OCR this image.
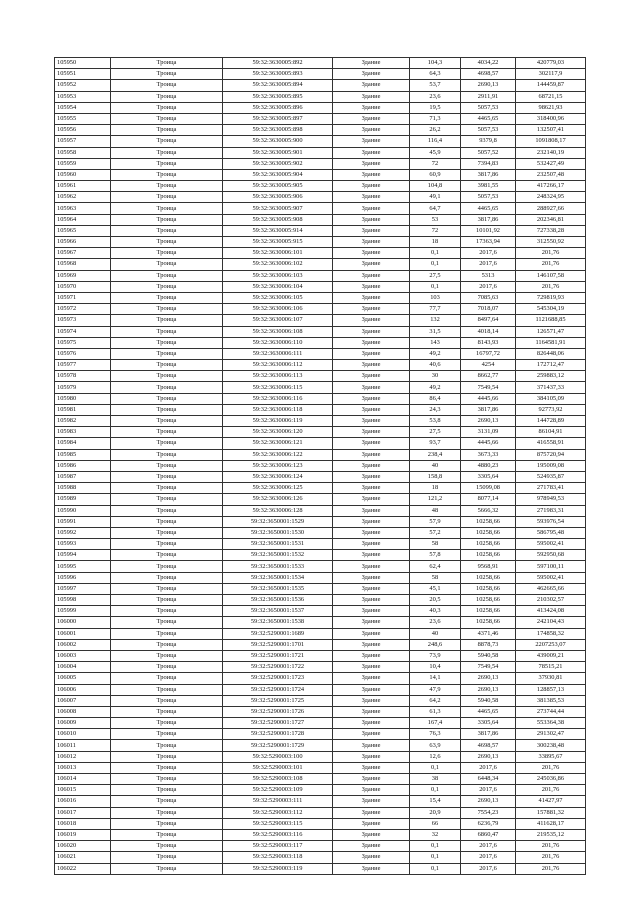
105950	Троица	59:32:3630005:892	Здание	104,3	4034,22	420779,03
105951	Троица	59:32:3630005:893	Здание	64,3	4698,57	302117,9
105952	Троица	59:32:3630005:894	Здание	53,7	2690,13	144459,87
105953	Троица	59:32:3630005:895	Здание	23,6	2911,91	68721,15
105954	Троица	59:32:3630005:896	Здание	19,5	5057,53	98621,93
105955	Троица	59:32:3630005:897	Здание	71,3	4465,65	318400,96
105956	Троица	59:32:3630005:898	Здание	26,2	5057,53	132507,41
105957	Троица	59:32:3630005:900	Здание	116,4	9379,8	1091808,17
105958	Троица	59:32:3630005:901	Здание	45,9	5057,52	232140,19
105959	Троица	59:32:3630005:902	Здание	72	7394,83	532427,49
105960	Троица	59:32:3630005:904	Здание	60,9	3817,86	232507,48
105961	Троица	59:32:3630005:905	Здание	104,8	3981,55	417266,17
105962	Троица	59:32:3630005:906	Здание	49,1	5057,53	248324,95
105963	Троица	59:32:3630005:907	Здание	64,7	4465,65	288927,66
105964	Троица	59:32:3630005:908	Здание	53	3817,86	202346,81
105965	Троица	59:32:3630005:914	Здание	72	10101,92	727338,28
105966	Троица	59:32:3630005:915	Здание	18	17363,94	312550,92
105967	Троица	59:32:3630006:101	Здание	0,1	2017,6	201,76
105968	Троица	59:32:3630006:102	Здание	0,1	2017,6	201,76
105969	Троица	59:32:3630006:103	Здание	27,5	5313	146107,58
105970	Троица	59:32:3630006:104	Здание	0,1	2017,6	201,76
105971	Троица	59:32:3630006:105	Здание	103	7085,63	729819,93
105972	Троица	59:32:3630006:106	Здание	77,7	7018,07	545304,19
105973	Троица	59:32:3630006:107	Здание	132	8497,64	1121688,85
105974	Троица	59:32:3630006:108	Здание	31,5	4018,14	126571,47
105975	Троица	59:32:3630006:110	Здание	143	8143,93	1164581,91
105976	Троица	59:32:3630006:111	Здание	49,2	16797,72	826448,06
105977	Троица	59:32:3630006:112	Здание	40,6	4254	172712,47
105978	Троица	59:32:3630006:113	Здание	30	8662,77	259883,12
105979	Троица	59:32:3630006:115	Здание	49,2	7549,54	371437,33
105980	Троица	59:32:3630006:116	Здание	86,4	4445,66	384105,09
105981	Троица	59:32:3630006:118	Здание	24,3	3817,86	92773,92
105982	Троица	59:32:3630006:119	Здание	53,8	2690,13	144728,89
105983	Троица	59:32:3630006:120	Здание	27,5	3131,09	86104,91
105984	Троица	59:32:3630006:121	Здание	93,7	4445,66	416558,91
105985	Троица	59:32:3630006:122	Здание	238,4	3673,33	875720,94
105986	Троица	59:32:3630006:123	Здание	40	4880,23	195009,08
105987	Троица	59:32:3630006:124	Здание	158,8	3305,64	524935,87
105988	Троица	59:32:3630006:125	Здание	18	15099,08	271783,41
105989	Троица	59:32:3630006:126	Здание	121,2	8077,14	978949,53
105990	Троица	59:32:3630006:128	Здание	48	5666,32	271983,31
105991	Троица	59:32:3650001:1529	Здание	57,9	10258,66	593976,54
105992	Троица	59:32:3650001:1530	Здание	57,2	10258,66	586795,48
105993	Троица	59:32:3650001:1531	Здание	58	10258,66	595002,41
105994	Троица	59:32:3650001:1532	Здание	57,8	10258,66	592950,68
105995	Троица	59:32:3650001:1533	Здание	62,4	9568,91	597100,11
105996	Троица	59:32:3650001:1534	Здание	58	10258,66	595002,41
105997	Троица	59:32:3650001:1535	Здание	45,1	10258,66	462665,66
105998	Троица	59:32:3650001:1536	Здание	20,5	10258,66	210302,57
105999	Троица	59:32:3650001:1537	Здание	40,3	10258,66	413424,08
106000	Троица	59:32:3650001:1538	Здание	23,6	10258,66	242104,43
106001	Троица	59:32:5290001:1689	Здание	40	4371,46	174858,32
106002	Троица	59:32:5290001:1701	Здание	248,6	8878,73	2207253,07
106003	Троица	59:32:5290001:1721	Здание	73,9	5940,58	439009,21
106004	Троица	59:32:5290001:1722	Здание	10,4	7549,54	78515,21
106005	Троица	59:32:5290001:1723	Здание	14,1	2690,13	37930,81
106006	Троица	59:32:5290001:1724	Здание	47,9	2690,13	128857,13
106007	Троица	59:32:5290001:1725	Здание	64,2	5940,58	381385,53
106008	Троица	59:32:5290001:1726	Здание	61,3	4465,65	273744,44
106009	Троица	59:32:5290001:1727	Здание	167,4	3305,64	553364,38
106010	Троица	59:32:5290001:1728	Здание	76,3	3817,86	291302,47
106011	Троица	59:32:5290001:1729	Здание	63,9	4698,57	300238,48
106012	Троица	59:32:5290003:100	Здание	12,6	2690,13	33895,67
106013	Троица	59:32:5290003:101	Здание	0,1	2017,6	201,76
106014	Троица	59:32:5290003:108	Здание	38	6448,34	245036,86
106015	Троица	59:32:5290003:109	Здание	0,1	2017,6	201,76
106016	Троица	59:32:5290003:111	Здание	15,4	2690,13	41427,97
106017	Троица	59:32:5290003:112	Здание	20,9	7554,23	157881,32
106018	Троица	59:32:5290003:115	Здание	66	6236,79	411628,17
106019	Троица	59:32:5290003:116	Здание	32	6860,47	219535,12
106020	Троица	59:32:5290003:117	Здание	0,1	2017,6	201,76
106021	Троица	59:32:5290003:118	Здание	0,1	2017,6	201,76
106022	Троица	59:32:5290003:119	Здание	0,1	2017,6	201,76
